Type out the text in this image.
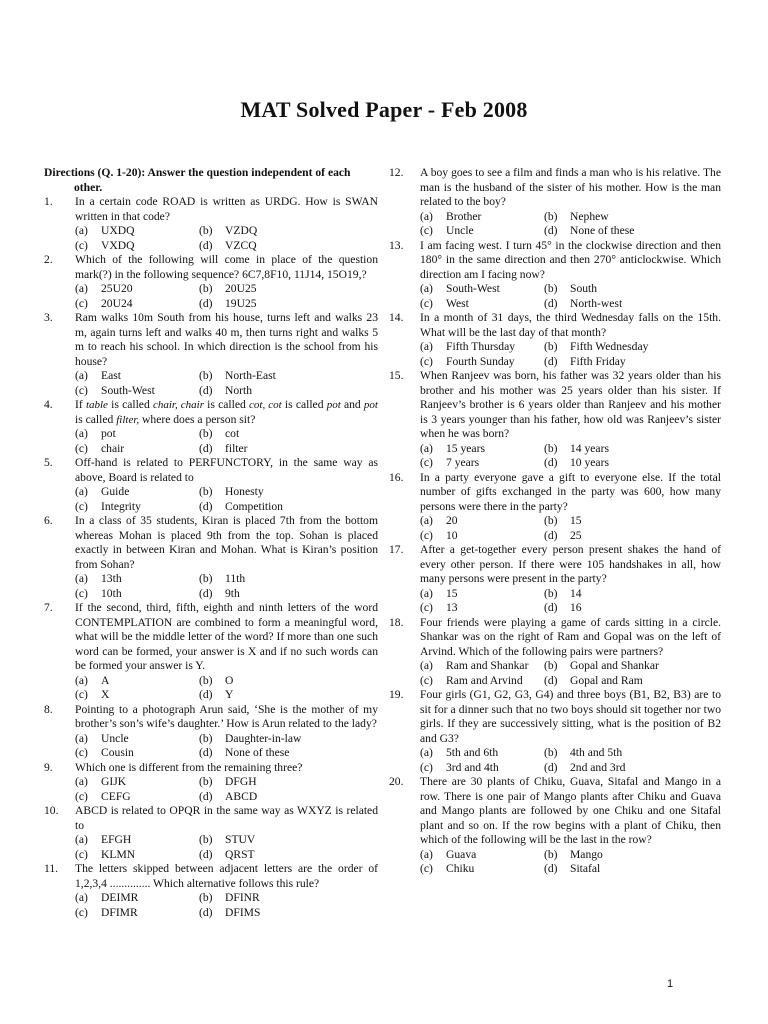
MAT Solved Paper - Feb 2008
Directions (Q. 1-20): Answer the question independent of each
other.
1.	In a certain code ROAD is written as URDG. How is SWAN written in that code?
(a) UXDQ	(b) VZDQ
(c) VXDQ	(d) VZCQ
2.	Which of the following will come in place of the question mark(?) in the following sequence? 6C7,8F10, 11J14, 15O19,?
(a) 25U20	(b) 20U25
(c) 20U24	(d) 19U25
3.	Ram walks 10m South from his house, turns left and walks 23 m, again turns left and walks 40 m, then turns right and walks 5 m to reach his school. In which direction is the school from his house?
(a) East	(b) North-East
(c) South-West	(d) North
4.	If table is called chair, chair is called cot, cot is called pot and pot is called filter, where does a person sit?
(a) pot	(b) cot
(c) chair	(d) filter
5.	Off-hand is related to PERFUNCTORY, in the same way as above, Board is related to
(a) Guide	(b) Honesty
(c) Integrity	(d) Competition
6.	In a class of 35 students, Kiran is placed 7th from the bottom whereas Mohan is placed 9th from the top. Sohan is placed exactly in between Kiran and Mohan. What is Kiran’s position from Sohan?
(a) 13th	(b) 11th
(c) 10th	(d) 9th
7.	If the second, third, fifth, eighth and ninth letters of the word CONTEMPLATION are combined to form a meaningful word, what will be the middle letter of the word? If more than one such word can be formed, your answer is X and if no such words can be formed your answer is Y.
(a) A	(b) O
(c) X	(d) Y
8.	Pointing to a photograph Arun said, ‘She is the mother of my brother’s son’s wife’s daughter.’ How is Arun related to the lady?
(a) Uncle	(b) Daughter-in-law
(c) Cousin	(d) None of these
9.	Which one is different from the remaining three?
(a) GIJK	(b) DFGH
(c) CEFG	(d) ABCD
10.	ABCD is related to OPQR in the same way as WXYZ is related to
(a) EFGH	(b) STUV
(c) KLMN	(d) QRST
11.	The letters skipped between adjacent letters are the order of 1,2,3,4 .............. Which alternative follows this rule?
(a) DEIMR	(b) DFINR
(c) DFIMR	(d) DFIMS
12.	A boy goes to see a film and finds a man who is his relative. The man is the husband of the sister of his mother. How is the man related to the boy?
(a) Brother	(b) Nephew
(c) Uncle	(d) None of these
13.	I am facing west. I turn 45° in the clockwise direction and then 180° in the same direction and then 270° anticlockwise. Which direction am I facing now?
(a) South-West	(b) South
(c) West	(d) North-west
14.	In a month of 31 days, the third Wednesday falls on the 15th. What will be the last day of that month?
(a) Fifth Thursday	(b) Fifth Wednesday
(c) Fourth Sunday	(d) Fifth Friday
15.	When Ranjeev was born, his father was 32 years older than his brother and his mother was 25 years older than his sister. If Ranjeev’s brother is 6 years older than Ranjeev and his mother is 3 years younger than his father, how old was Ranjeev’s sister when he was born?
(a) 15 years	(b) 14 years
(c) 7 years	(d) 10 years
16.	In a party everyone gave a gift to everyone else. If the total number of gifts exchanged in the party was 600, how many persons were there in the party?
(a) 20	(b) 15
(c) 10	(d) 25
17.	After a get-together every person present shakes the hand of every other person. If there were 105 handshakes in all, how many persons were present in the party?
(a) 15	(b) 14
(c) 13	(d) 16
18.	Four friends were playing a game of cards sitting in a circle. Shankar was on the right of Ram and Gopal was on the left of Arvind. Which of the following pairs were partners?
(a) Ram and Shankar	(b) Gopal and Shankar
(c) Ram and Arvind	(d) Gopal and Ram
19.	Four girls (G1, G2, G3, G4) and three boys (B1, B2, B3) are to sit for a dinner such that no two boys should sit together nor two girls. If they are successively sitting, what is the position of B2 and G3?
(a) 5th and 6th	(b) 4th and 5th
(c) 3rd and 4th	(d) 2nd and 3rd
20.	There are 30 plants of Chiku, Guava, Sitafal and Mango in a row. There is one pair of Mango plants after Chiku and Guava and Mango plants are followed by one Chiku and one Sitafal plant and so on. If the row begins with a plant of Chiku, then which of the following will be the last in the row?
(a) Guava	(b) Mango
(c) Chiku	(d) Sitafal
1
